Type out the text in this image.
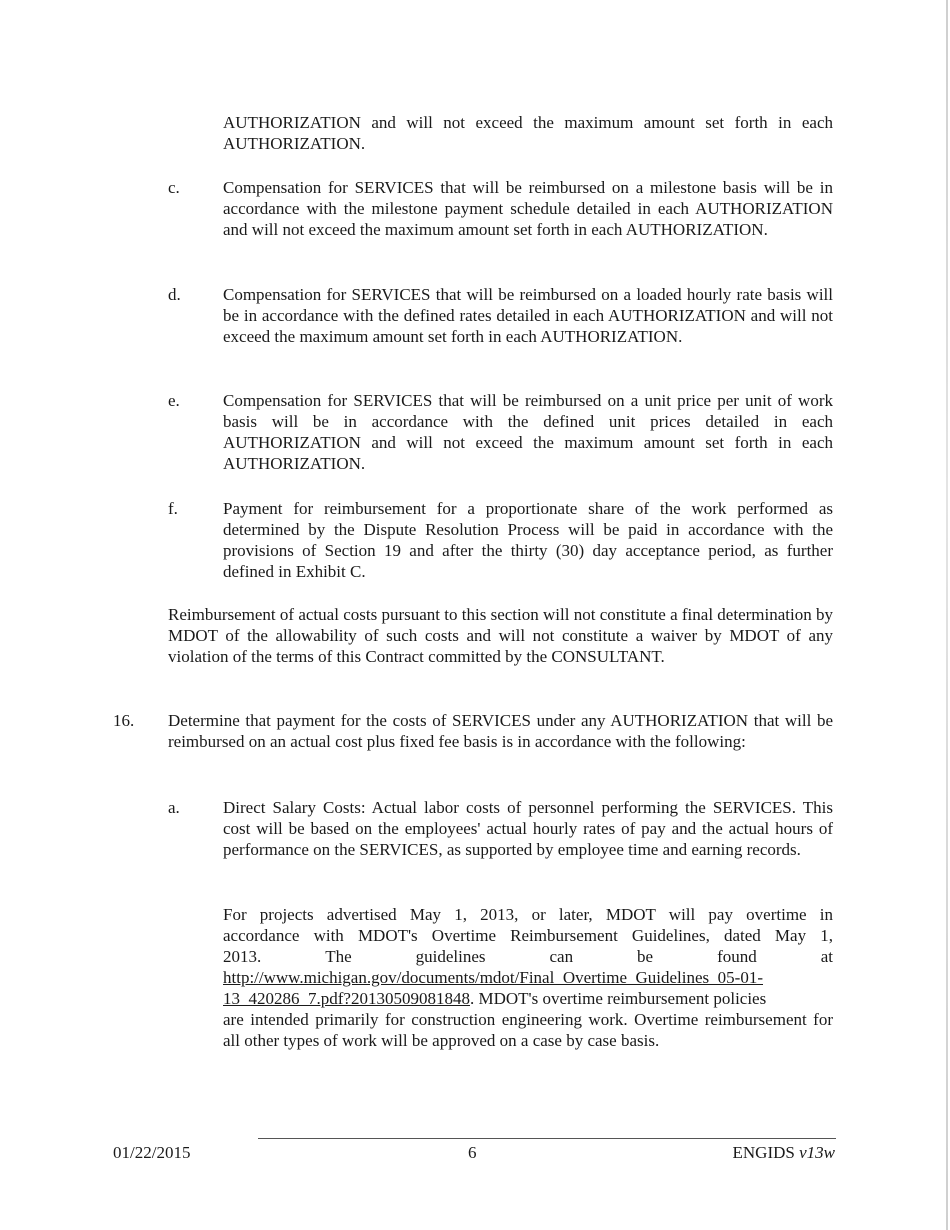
AUTHORIZATION and will not exceed the maximum amount set forth in each AUTHORIZATION.

c.	Compensation for SERVICES that will be reimbursed on a milestone basis will be in accordance with the milestone payment schedule detailed in each AUTHORIZATION and will not exceed the maximum amount set forth in each AUTHORIZATION.

d. Compensation for SERVICES that will be reimbursed on a loaded hourly rate basis will be in accordance with the defined rates detailed in each AUTHORIZATION and will not exceed the maximum amount set forth in each AUTHORIZATION.

e.	Compensation for SERVICES that will be reimbursed on a unit price per unit of work basis will be in accordance with the defined unit prices detailed in each AUTHORIZATION and will not exceed the maximum amount set forth in each AUTHORIZATION.

f.	Payment for reimbursement for a proportionate share of the work performed as determined by the Dispute Resolution Process will be paid in accordance with the provisions of Section 19 and after the thirty (30) day acceptance period, as further defined in Exhibit C.

Reimbursement of actual costs pursuant to this section will not constitute a final determination by MDOT of the allowability of such costs and will not constitute a waiver by MDOT of any violation of the terms of this Contract committed by the CONSULTANT.

16. Determine that payment for the costs of SERVICES under any AUTHORIZATION that will be reimbursed on an actual cost plus fixed fee basis is in accordance with the following:

a.	Direct Salary Costs: Actual labor costs of personnel performing the SERVICES. This cost will be based on the employees' actual hourly rates of pay and the actual hours of performance on the SERVICES, as supported by employee time and earning records.

For projects advertised May 1, 2013, or later, MDOT will pay overtime in
accordance with MDOT's Overtime Reimbursement Guidelines, dated May 1,
2013.	The	guidelines	can	be	found	at
http://www.michigan.gov/documents/mdot/Final_Overtime_Guidelines_05-01-
13_420286_7.pdf?20130509081848. MDOT's overtime reimbursement policies
are intended primarily for construction engineering work. Overtime reimbursement for all other types of work will be approved on a case by case basis.
01/22/2015	6	ENGIDS v13w
